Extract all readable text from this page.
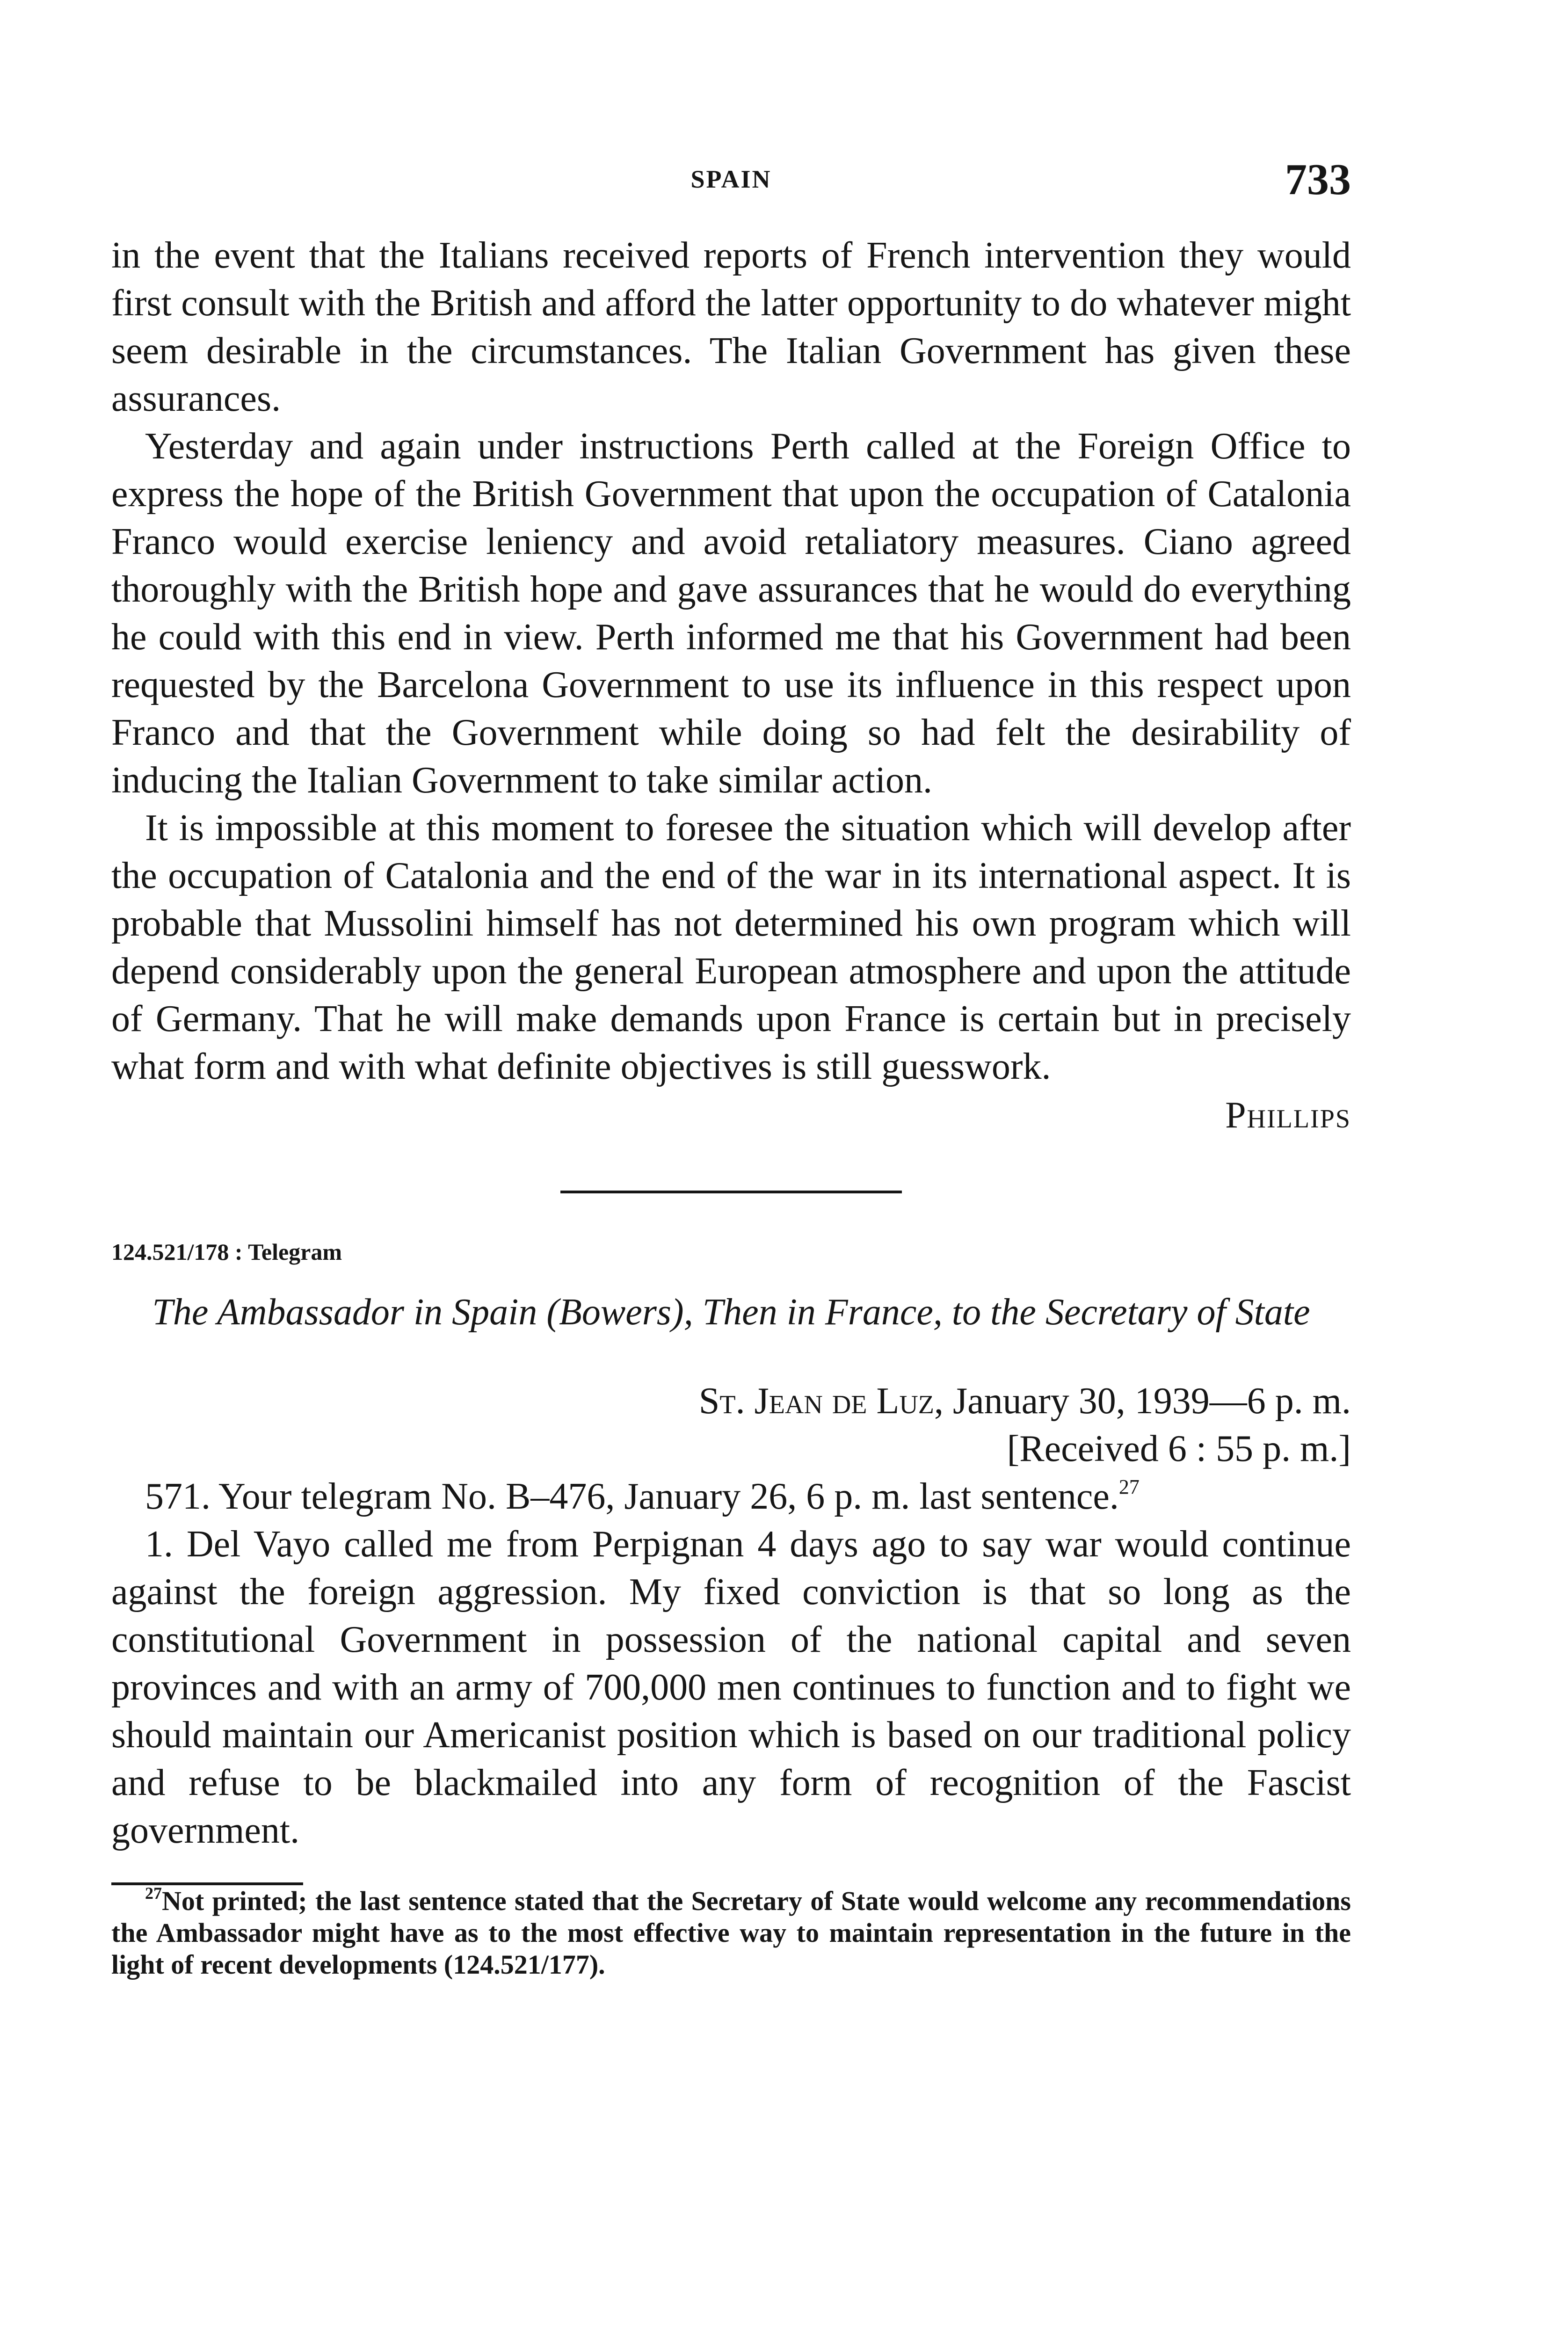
SPAIN	733

in the event that the Italians received reports of French intervention they would first consult with the British and afford the latter opportunity to do whatever might seem desirable in the circumstances. The Italian Government has given these assurances.

Yesterday and again under instructions Perth called at the Foreign Office to express the hope of the British Government that upon the occupation of Catalonia Franco would exercise leniency and avoid retaliatory measures. Ciano agreed thoroughly with the British hope and gave assurances that he would do everything he could with this end in view. Perth informed me that his Government had been requested by the Barcelona Government to use its influence in this respect upon Franco and that the Government while doing so had felt the desirability of inducing the Italian Government to take similar action.

It is impossible at this moment to foresee the situation which will develop after the occupation of Catalonia and the end of the war in its international aspect. It is probable that Mussolini himself has not determined his own program which will depend considerably upon the general European atmosphere and upon the attitude of Germany. That he will make demands upon France is certain but in precisely what form and with what definite objectives is still guesswork.

Phillips
124.521/178 : Telegram
The Ambassador in Spain (Bowers), Then in France, to the Secretary of State
St. Jean de Luz, January 30, 1939—6 p. m.
[Received 6 : 55 p. m.]

571. Your telegram No. B–476, January 26, 6 p. m. last sentence.$^{27}$

1. Del Vayo called me from Perpignan 4 days ago to say war would continue against the foreign aggression. My fixed conviction is that so long as the constitutional Government in possession of the national capital and seven provinces and with an army of 700,000 men continues to function and to fight we should maintain our Americanist position which is based on our traditional policy and refuse to be blackmailed into any form of recognition of the Fascist government.

$^{27}$Not printed; the last sentence stated that the Secretary of State would welcome any recommendations the Ambassador might have as to the most effective way to maintain representation in the future in the light of recent developments (124.521/177).
